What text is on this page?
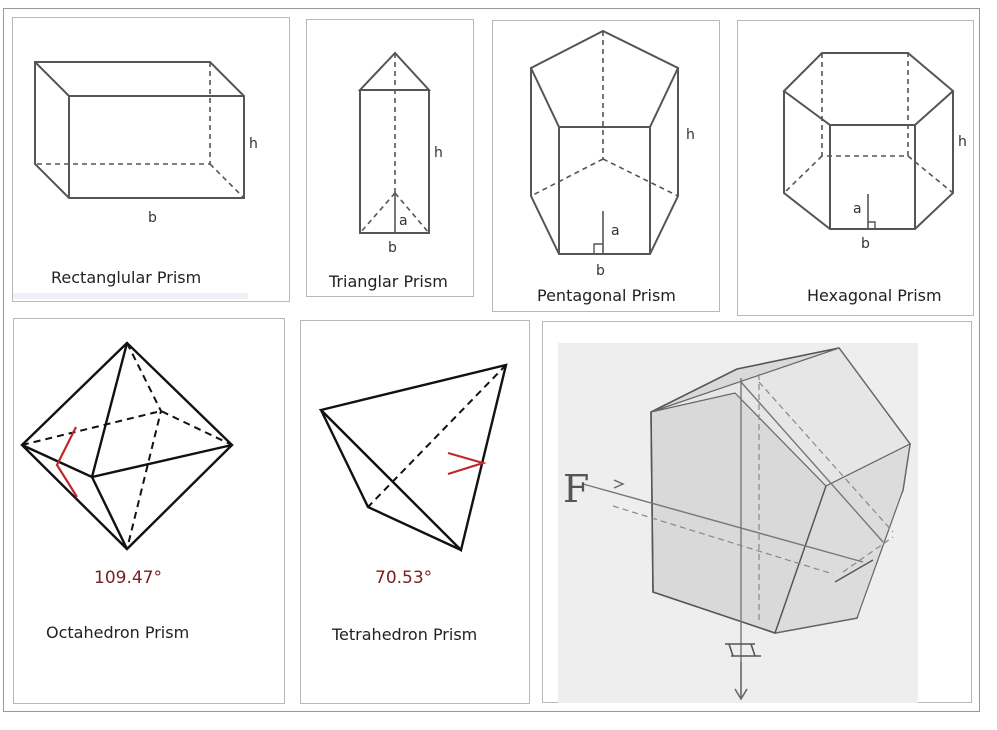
h
b
Rectanglular Prism
h
a
b
Trianglar Prism
h
a
b
Pentagonal Prism
h
a
b
Hexagonal Prism
109.47°
Octahedron Prism
70.53°
Tetrahedron Prism
F
